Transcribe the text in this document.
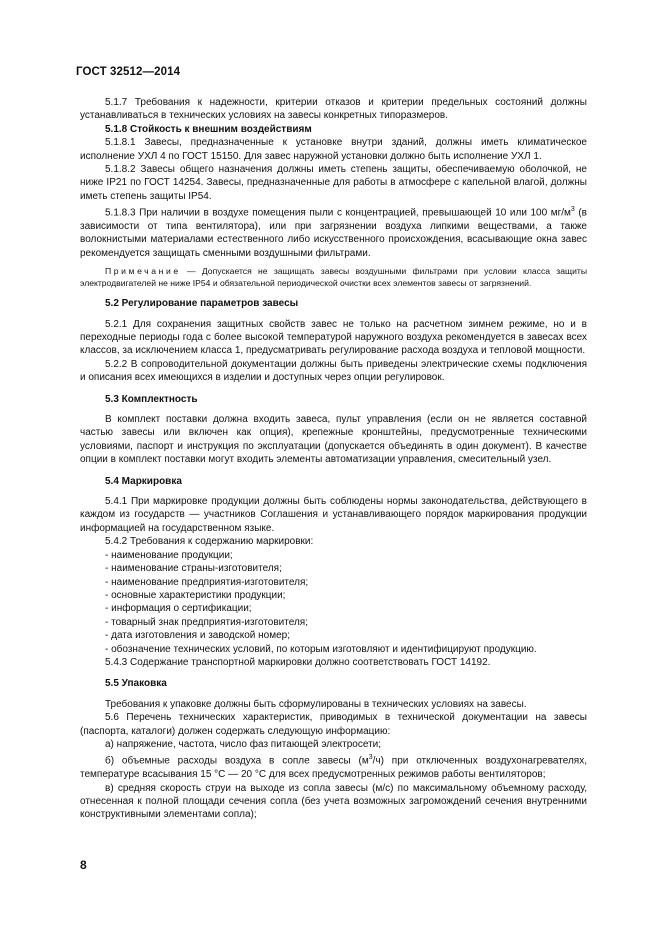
ГОСТ 32512—2014

5.1.7 Требования к надежности, критерии отказов и критерии предельных состояний должны устанавливаться в технических условиях на завесы конкретных типоразмеров.

5.1.8 Стойкость к внешним воздействиям

5.1.8.1 Завесы, предназначенные к установке внутри зданий, должны иметь климатическое исполнение УХЛ 4 по ГОСТ 15150. Для завес наружной установки должно быть исполнение УХЛ 1.

5.1.8.2 Завесы общего назначения должны иметь степень защиты, обеспечиваемую оболочкой, не ниже IP21 по ГОСТ 14254. Завесы, предназначенные для работы в атмосфере с капельной влагой, должны иметь степень защиты IP54.

5.1.8.3 При наличии в воздухе помещения пыли с концентрацией, превышающей 10 или 100 $мг/м^3$ (в зависимости от типа вентилятора), или при загрязнении воздуха липкими веществами, а также волокнистыми материалами естественного либо искусственного происхождения, всасывающие окна завес рекомендуется защищать сменными воздушными фильтрами.

Примечание — Допускается не защищать завесы воздушными фильтрами при условии класса защиты электродвигателей не ниже IP54 и обязательной периодической очистки всех элементов завесы от загрязнений.

5.2 Регулирование параметров завесы

5.2.1 Для сохранения защитных свойств завес не только на расчетном зимнем режиме, но и в переходные периоды года с более высокой температурой наружного воздуха рекомендуется в завесах всех классов, за исключением класса 1, предусматривать регулирование расхода воздуха и тепловой мощности.

5.2.2 В сопроводительной документации должны быть приведены электрические схемы подключения и описания всех имеющихся в изделии и доступных через опции регулировок.

5.3 Комплектность

В комплект поставки должна входить завеса, пульт управления (если он не является составной частью завесы или включен как опция), крепежные кронштейны, предусмотренные техническими условиями, паспорт и инструкция по эксплуатации (допускается объединять в один документ). В качестве опции в комплект поставки могут входить элементы автоматизации управления, смесительный узел.

5.4 Маркировка

5.4.1 При маркировке продукции должны быть соблюдены нормы законодательства, действующего в каждом из государств — участников Соглашения и устанавливающего порядок маркирования продукции информацией на государственном языке.

5.4.2 Требования к содержанию маркировки:

- наименование продукции;

- наименование страны-изготовителя;

- наименование предприятия-изготовителя;

- основные характеристики продукции;

- информация о сертификации;

- товарный знак предприятия-изготовителя;

- дата изготовления и заводской номер;

- обозначение технических условий, по которым изготовляют и идентифицируют продукцию.

5.4.3 Содержание транспортной маркировки должно соответствовать ГОСТ 14192.

5.5 Упаковка

Требования к упаковке должны быть сформулированы в технических условиях на завесы.

5.6 Перечень технических характеристик, приводимых в технической документации на завесы (паспорта, каталоги) должен содержать следующую информацию:

а) напряжение, частота, число фаз питающей электросети;

б) объемные расходы воздуха в сопле завесы $(м^3/ч)$ при отключенных воздухонагревателях, температуре всасывания 15 °С — 20 °С для всех предусмотренных режимов работы вентиляторов;

в) средняя скорость струи на выходе из сопла завесы (м/с) по максимальному объемному расходу, отнесенная к полной площади сечения сопла (без учета возможных загромождений сечения внутренними конструктивными элементами сопла);

8
